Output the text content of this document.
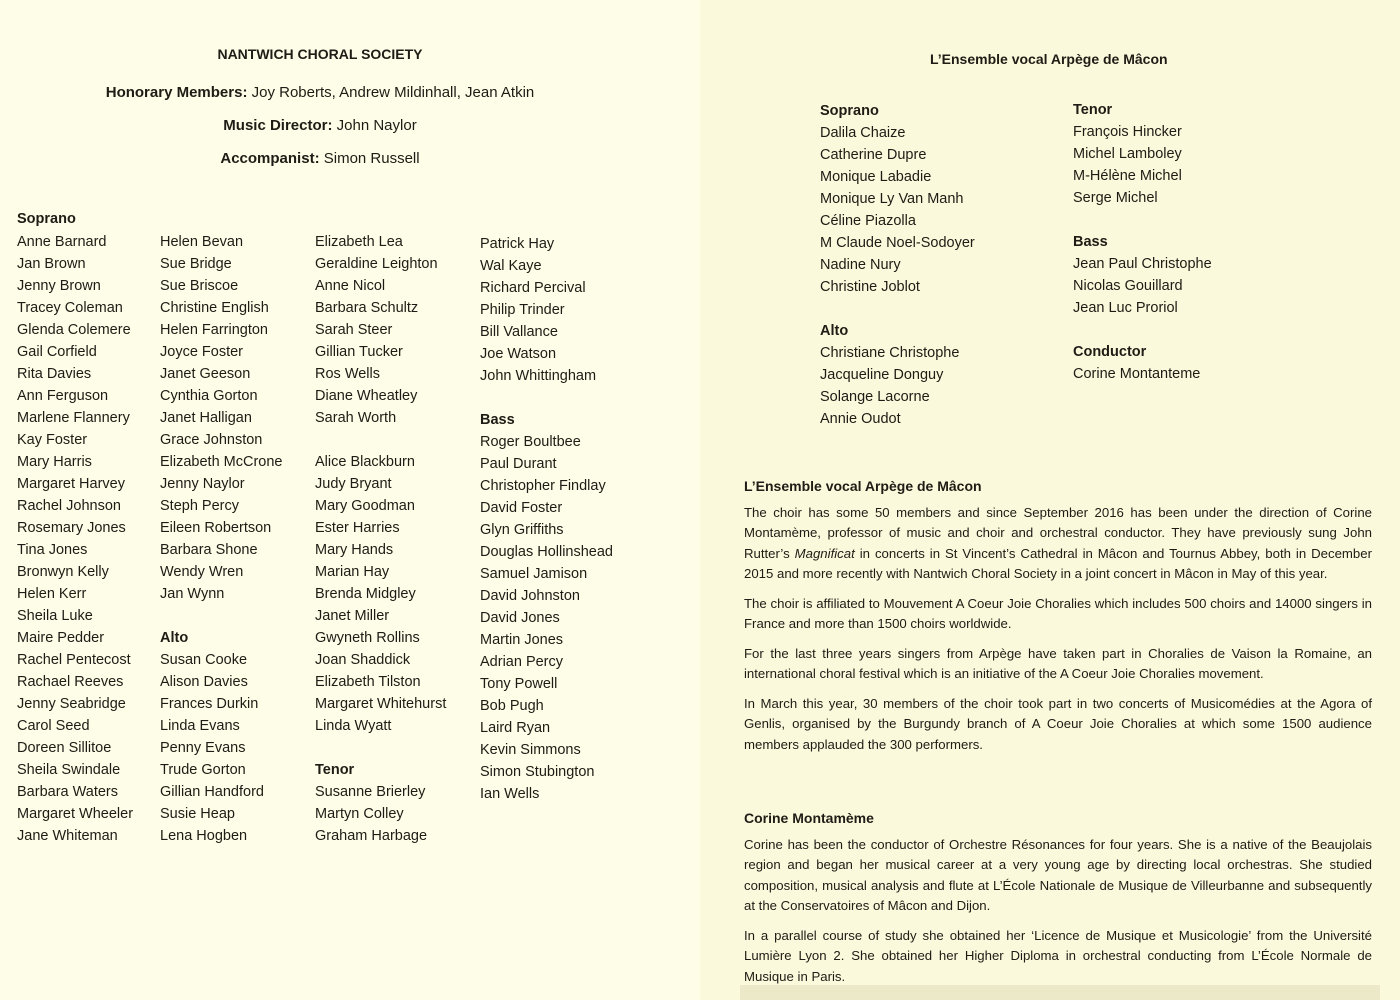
NANTWICH CHORAL SOCIETY
Honorary Members: Joy Roberts, Andrew Mildinhall, Jean Atkin
Music Director: John Naylor
Accompanist: Simon Russell
Soprano
Anne Barnard
Jan Brown
Jenny Brown
Tracey Coleman
Glenda Colemere
Gail Corfield
Rita Davies
Ann Ferguson
Marlene Flannery
Kay Foster
Mary Harris
Margaret Harvey
Rachel Johnson
Rosemary Jones
Tina Jones
Bronwyn Kelly
Helen Kerr
Sheila Luke
Maire Pedder
Rachel Pentecost
Rachael Reeves
Jenny Seabridge
Carol Seed
Doreen Sillitoe
Sheila Swindale
Barbara Waters
Margaret Wheeler
Jane Whiteman
Helen Bevan
Sue Bridge
Sue Briscoe
Christine English
Helen Farrington
Joyce Foster
Janet Geeson
Cynthia Gorton
Janet Halligan
Grace Johnston
Elizabeth McCrone
Jenny Naylor
Steph Percy
Eileen Robertson
Barbara Shone
Wendy Wren
Jan Wynn
Alto
Susan Cooke
Alison Davies
Frances Durkin
Linda Evans
Penny Evans
Trude Gorton
Gillian Handford
Susie Heap
Lena Hogben
Elizabeth Lea
Geraldine Leighton
Anne Nicol
Barbara Schultz
Sarah Steer
Gillian Tucker
Ros Wells
Diane Wheatley
Sarah Worth
Alice Blackburn
Judy Bryant
Mary Goodman
Ester Harries
Mary Hands
Marian Hay
Brenda Midgley
Janet Miller
Gwyneth Rollins
Joan Shaddick
Elizabeth Tilston
Margaret Whitehurst
Linda Wyatt
Tenor
Susanne Brierley
Martyn Colley
Graham Harbage
Patrick Hay
Wal Kaye
Richard Percival
Philip Trinder
Bill Vallance
Joe Watson
John Whittingham
Bass
Roger Boultbee
Paul Durant
Christopher Findlay
David Foster
Glyn Griffiths
Douglas Hollinshead
Samuel Jamison
David Johnston
David Jones
Martin Jones
Adrian Percy
Tony Powell
Bob Pugh
Laird Ryan
Kevin Simmons
Simon Stubington
Ian Wells
L’Ensemble vocal Arpège de Mâcon
Soprano
Dalila Chaize
Catherine Dupre
Monique Labadie
Monique Ly Van Manh
Céline Piazolla
M Claude Noel-Sodoyer
Nadine Nury
Christine Joblot
Alto
Christiane Christophe
Jacqueline Donguy
Solange Lacorne
Annie Oudot
Tenor
François Hincker
Michel Lamboley
M-Hélène Michel
Serge Michel
Bass
Jean Paul Christophe
Nicolas Gouillard
Jean Luc Proriol
Conductor
Corine Montanteme

L’Ensemble vocal Arpège de Mâcon

The choir has some 50 members and since September 2016 has been under the direction of Corine Montamème, professor of music and choir and orchestral conductor. They have previously sung John Rutter’s Magnificat in concerts in St Vincent’s Cathedral in Mâcon and Tournus Abbey, both in December 2015 and more recently with Nantwich Choral Society in a joint concert in Mâcon in May of this year.

The choir is affiliated to Mouvement A Coeur Joie Choralies which includes 500 choirs and 14000 singers in France and more than 1500 choirs worldwide.

For the last three years singers from Arpège have taken part in Choralies de Vaison la Romaine, an international choral festival which is an initiative of the A Coeur Joie Choralies movement.

In March this year, 30 members of the choir took part in two concerts of Musicomédies at the Agora of Genlis, organised by the Burgundy branch of A Coeur Joie Choralies at which some 1500 audience members applauded the 300 performers.

Corine Montamème

Corine has been the conductor of Orchestre Résonances for four years. She is a native of the Beaujolais region and began her musical career at a very young age by directing local orchestras. She studied composition, musical analysis and flute at L’École Nationale de Musique de Villeurbanne and subsequently at the Conservatoires of Mâcon and Dijon.

In a parallel course of study she obtained her ‘Licence de Musique et Musicologie’ from the Université Lumière Lyon 2. She obtained her Higher Diploma in orchestral conducting from L’École Normale de Musique in Paris.
